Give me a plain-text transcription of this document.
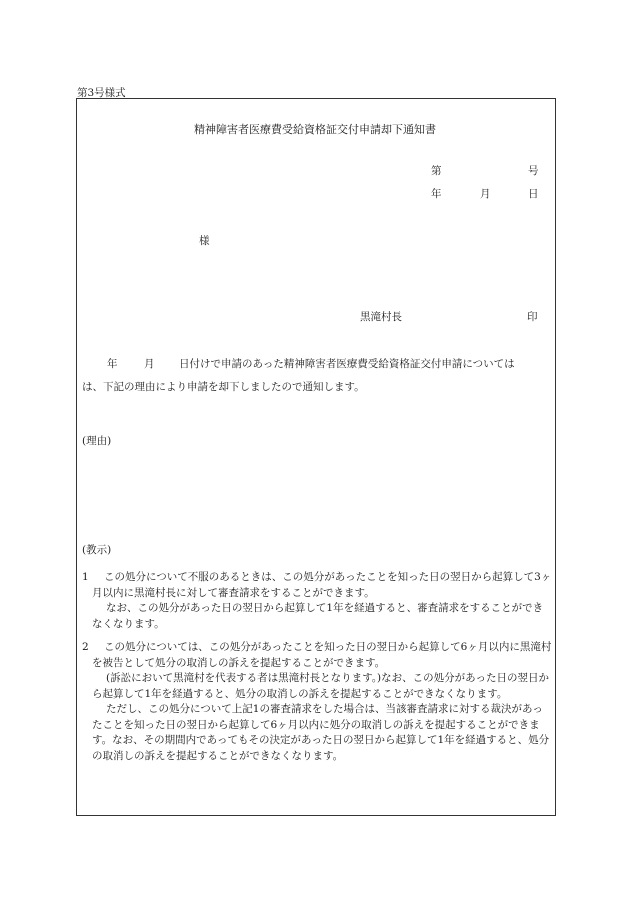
第3号様式
精神障害者医療費受給資格証交付申請却下通知書
第	号
年	月	日
様
黒滝村長	印
年	月 日付けで申請のあった精神障害者医療費受給資格証交付申請については
は、下記の理由により申請を却下しましたので通知します。
(理由)
(教示)
1	この処分について不服のあるときは、この処分があったことを知った日の翌日から起算して3ヶ月以内に黒滝村長に対して審査請求をすることができます。

なお、この処分があった日の翌日から起算して1年を経過すると、審査請求をすることができなくなります。

2	この処分については、この処分があったことを知った日の翌日から起算して6ヶ月以内に黒滝村を被告として処分の取消しの訴えを提起することができます。

(訴訟において黒滝村を代表する者は黒滝村長となります。)なお、この処分があった日の翌日から起算して1年を経過すると、処分の取消しの訴えを提起することができなくなります。

ただし、この処分について上記1の審査請求をした場合は、当該審査請求に対する裁決があったことを知った日の翌日から起算して6ヶ月以内に処分の取消しの訴えを提起することができます。なお、その期間内であってもその決定があった日の翌日から起算して1年を経過すると、処分の取消しの訴えを提起することができなくなります。
